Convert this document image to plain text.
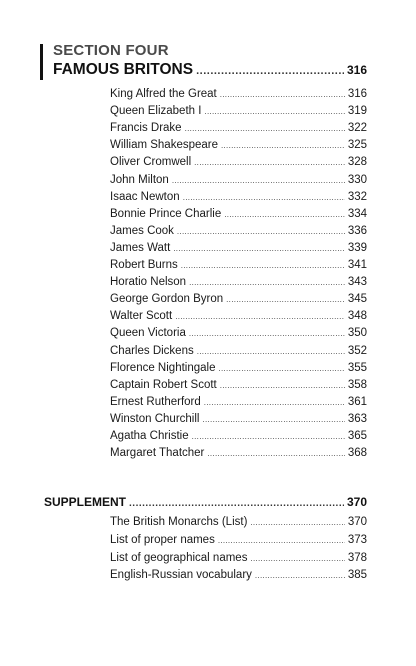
SECTION FOUR
FAMOUS BRITONS .....	316
King Alfred the Great .....	316
Queen Elizabeth I .....	319
Francis Drake .....	322
William Shakespeare .....	325
Oliver Cromwell .....	328
John Milton .....	330
Isaac Newton .....	332
Bonnie Prince Charlie .....	334
James Cook .....	336
James Watt .....	339
Robert Burns .....	341
Horatio Nelson .....	343
George Gordon Byron .....	345
Walter Scott .....	348
Queen Victoria .....	350
Charles Dickens .....	352
Florence Nightingale .....	355
Captain Robert Scott .....	358
Ernest Rutherford .....	361
Winston Churchill .....	363
Agatha Christie .....	365
Margaret Thatcher .....	368
SUPPLEMENT .....	370
The British Monarchs (List) .....	370
List of proper names .....	373
List of geographical names .....	378
English-Russian vocabulary .....	385
